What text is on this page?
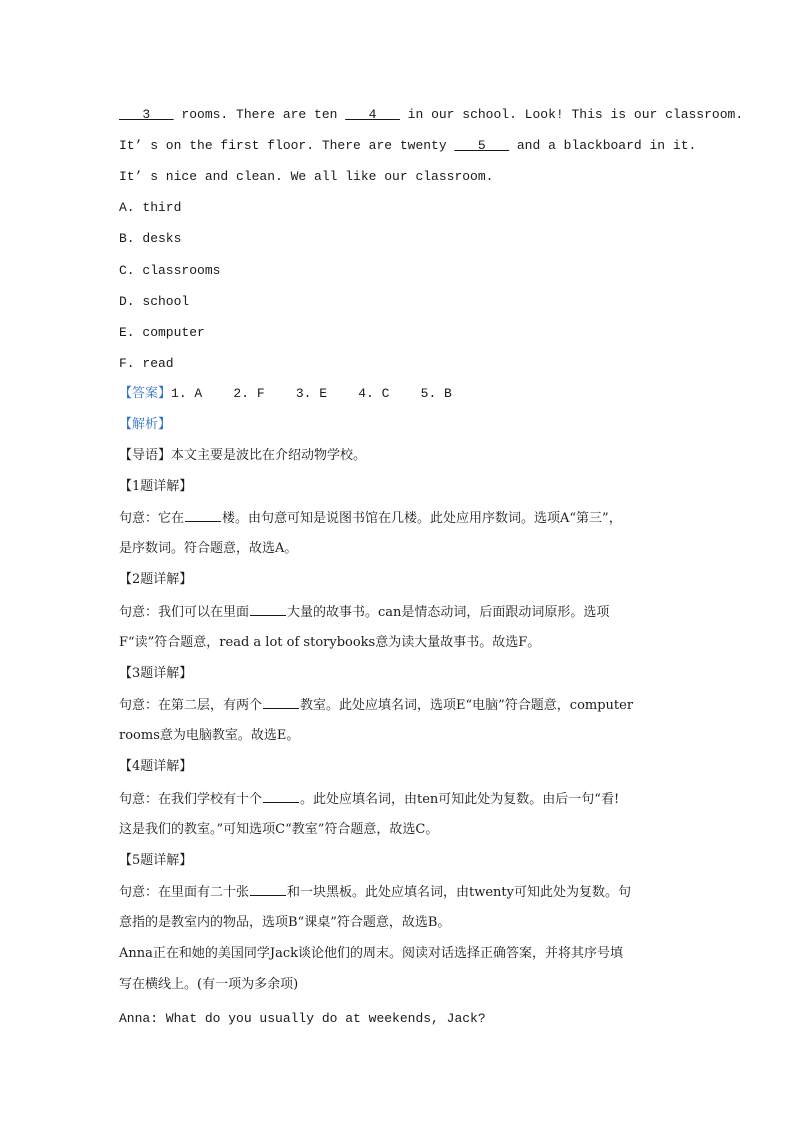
___3___ rooms. There are ten ___4___ in our school. Look! This is our classroom.
It’ s on the first floor. There are twenty ___5___ and a blackboard in it.
It’ s nice and clean. We all like our classroom.
A. third
B. desks
C. classrooms
D. school
E. computer
F. read
【答案】1. A    2. F    3. E    4. C    5. B
【解析】
【导语】本文主要是波比在介绍动物学校。
【1题详解】
句意：它在	楼。由句意可知是说图书馆在几楼。此处应用序数词。选项A“第三”，
是序数词。符合题意，故选A。
【2题详解】
句意：我们可以在里面	大量的故事书。can是情态动词，后面跟动词原形。选项
F“读”符合题意，read a lot of storybooks意为读大量故事书。故选F。
【3题详解】
句意：在第二层，有两个	教室。此处应填名词，选项E“电脑”符合题意，computer
rooms意为电脑教室。故选E。
【4题详解】
句意：在我们学校有十个	。此处应填名词，由ten可知此处为复数。由后一句“看!
这是我们的教室。”可知选项C“教室”符合题意，故选C。
【5题详解】
句意：在里面有二十张	和一块黑板。此处应填名词，由twenty可知此处为复数。句
意指的是教室内的物品，选项B“课桌”符合题意，故选B。
Anna正在和她的美国同学Jack谈论他们的周末。阅读对话选择正确答案，并将其序号填
写在横线上。(有一项为多余项)
Anna: What do you usually do at weekends, Jack?
